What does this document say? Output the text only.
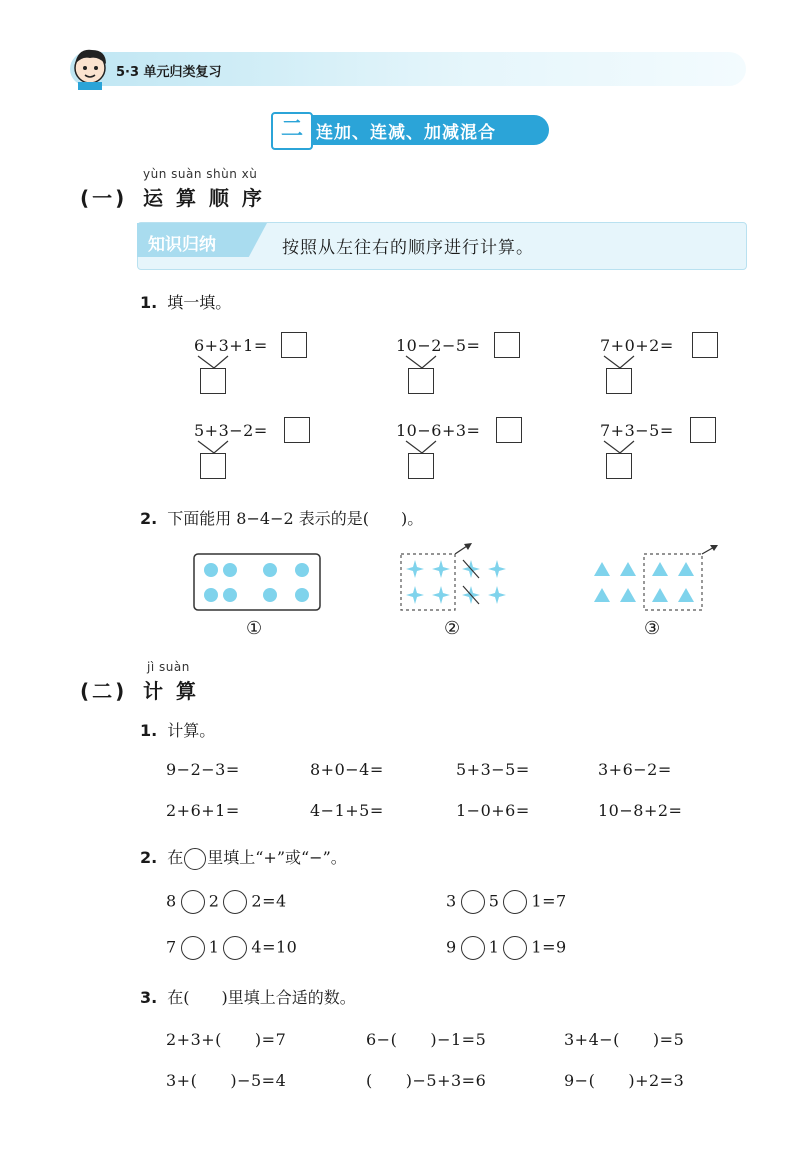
5·3 单元归类复习
二 连加、连减、加减混合
yùn suàn shùn xù
(一) 运 算 顺 序
知识归纳	按照从左往右的顺序进行计算。
1. 填一填。
6+3+1=	10−2−5=	7+0+2=
5+3−2=	10−6+3=	7+3−5=
2. 下面能用 8−4−2 表示的是(　　)。
①	②	③
jì suàn
(二) 计 算
1. 计算。
9−2−3=	8+0−4=	5+3−5=	3+6−2=
2+6+1=	4−1+5=	1−0+6=	10−8+2=
2. 在 里填上“+”或“−”。
8 2 2=4	3 5 1=7
7 1 4=10	9 1 1=9
3. 在(　　)里填上合适的数。
2+3+(　　)=7	6−(　　)−1=5	3+4−(　　)=5
3+(　　)−5=4	(　　)−5+3=6	9−(　　)+2=3
